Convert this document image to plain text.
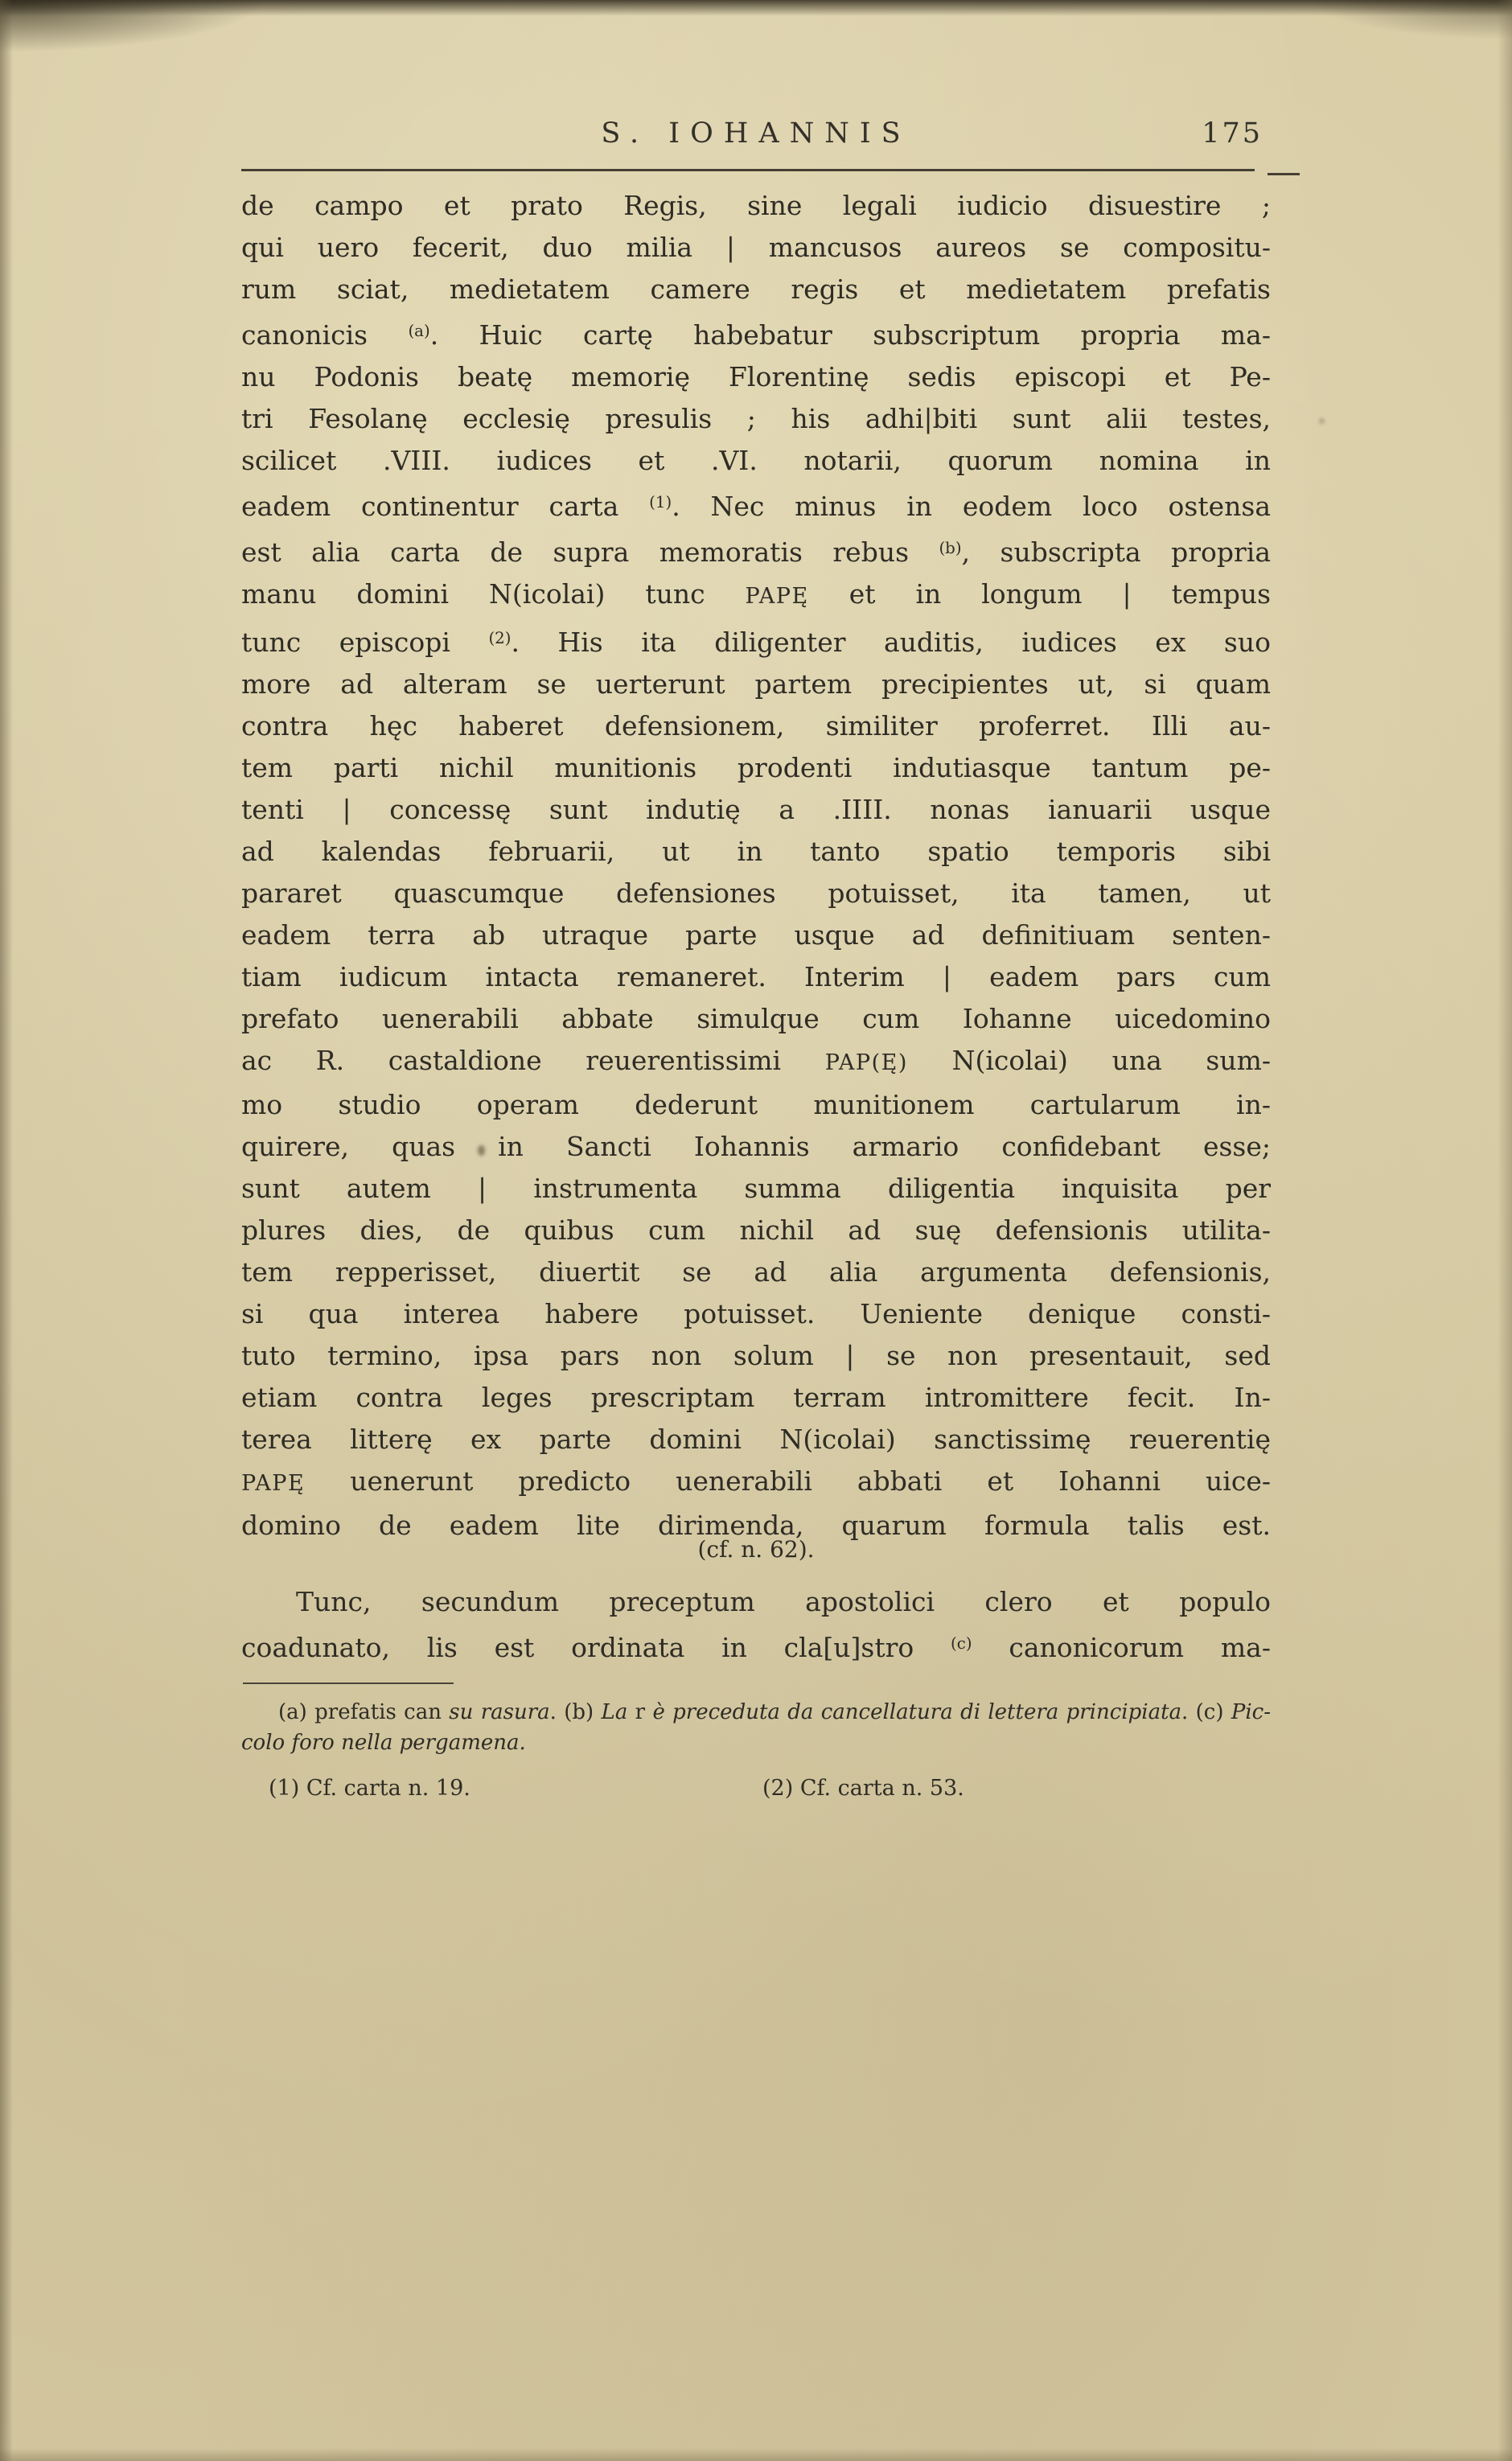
S. IOHANNIS	175
de campo et prato Regis, sine legali iudicio disuestire ;
qui uero fecerit, duo milia | mancusos aureos se compositu-
rum sciat, medietatem camere regis et medietatem prefatis
canonicis $^{(a)}$. Huic cartę habebatur subscriptum propria ma-
nu Podonis beatę memorię Florentinę sedis episcopi et Pe-
tri Fesolanę ecclesię presulis ; his adhi|biti sunt alii testes,
scilicet .VIII. iudices et .VI. notarii, quorum nomina in
eadem continentur carta $^{(1)}$. Nec minus in eodem loco ostensa
est alia carta de supra memoratis rebus $^{(b)}$, subscripta propria
manu domini N(icolai) tunc PAPĘ et in longum | tempus
tunc episcopi $^{(2)}$. His ita diligenter auditis, iudices ex suo
more ad alteram se uerterunt partem precipientes ut, si quam
contra hęc haberet defensionem, similiter proferret. Illi au-
tem parti nichil munitionis prodenti indutiasque tantum pe-
tenti | concessę sunt indutię a .IIII. nonas ianuarii usque
ad kalendas februarii, ut in tanto spatio temporis sibi
pararet quascumque defensiones potuisset, ita tamen, ut
eadem terra ab utraque parte usque ad definitiuam senten-
tiam iudicum intacta remaneret. Interim | eadem pars cum
prefato uenerabili abbate simulque cum Iohanne uicedomino
ac R. castaldione reuerentissimi PAP(Ę) N(icolai) una sum-
mo studio operam dederunt munitionem cartularum in-
quirere, quas in Sancti Iohannis armario confidebant esse;
sunt autem | instrumenta summa diligentia inquisita per
plures dies, de quibus cum nichil ad suę defensionis utilita-
tem repperisset, diuertit se ad alia argumenta defensionis,
si qua interea habere potuisset. Ueniente denique consti-
tuto termino, ipsa pars non solum | se non presentauit, sed
etiam contra leges prescriptam terram intromittere fecit. In-
terea litterę ex parte domini N(icolai) sanctissimę reuerentię
PAPĘ uenerunt predicto uenerabili abbati et Iohanni uice-
domino de eadem lite dirimenda, quarum formula talis est.
(cf. n. 62).
Tunc, secundum preceptum apostolici clero et populo
coadunato, lis est ordinata in cla[u]stro $^{(c)}$ canonicorum ma-
(a) prefatis can su rasura. (b) La r è preceduta da cancellatura di lettera principiata. (c) Pic-
colo foro nella pergamena.
(1) Cf. carta n. 19.	(2) Cf. carta n. 53.
